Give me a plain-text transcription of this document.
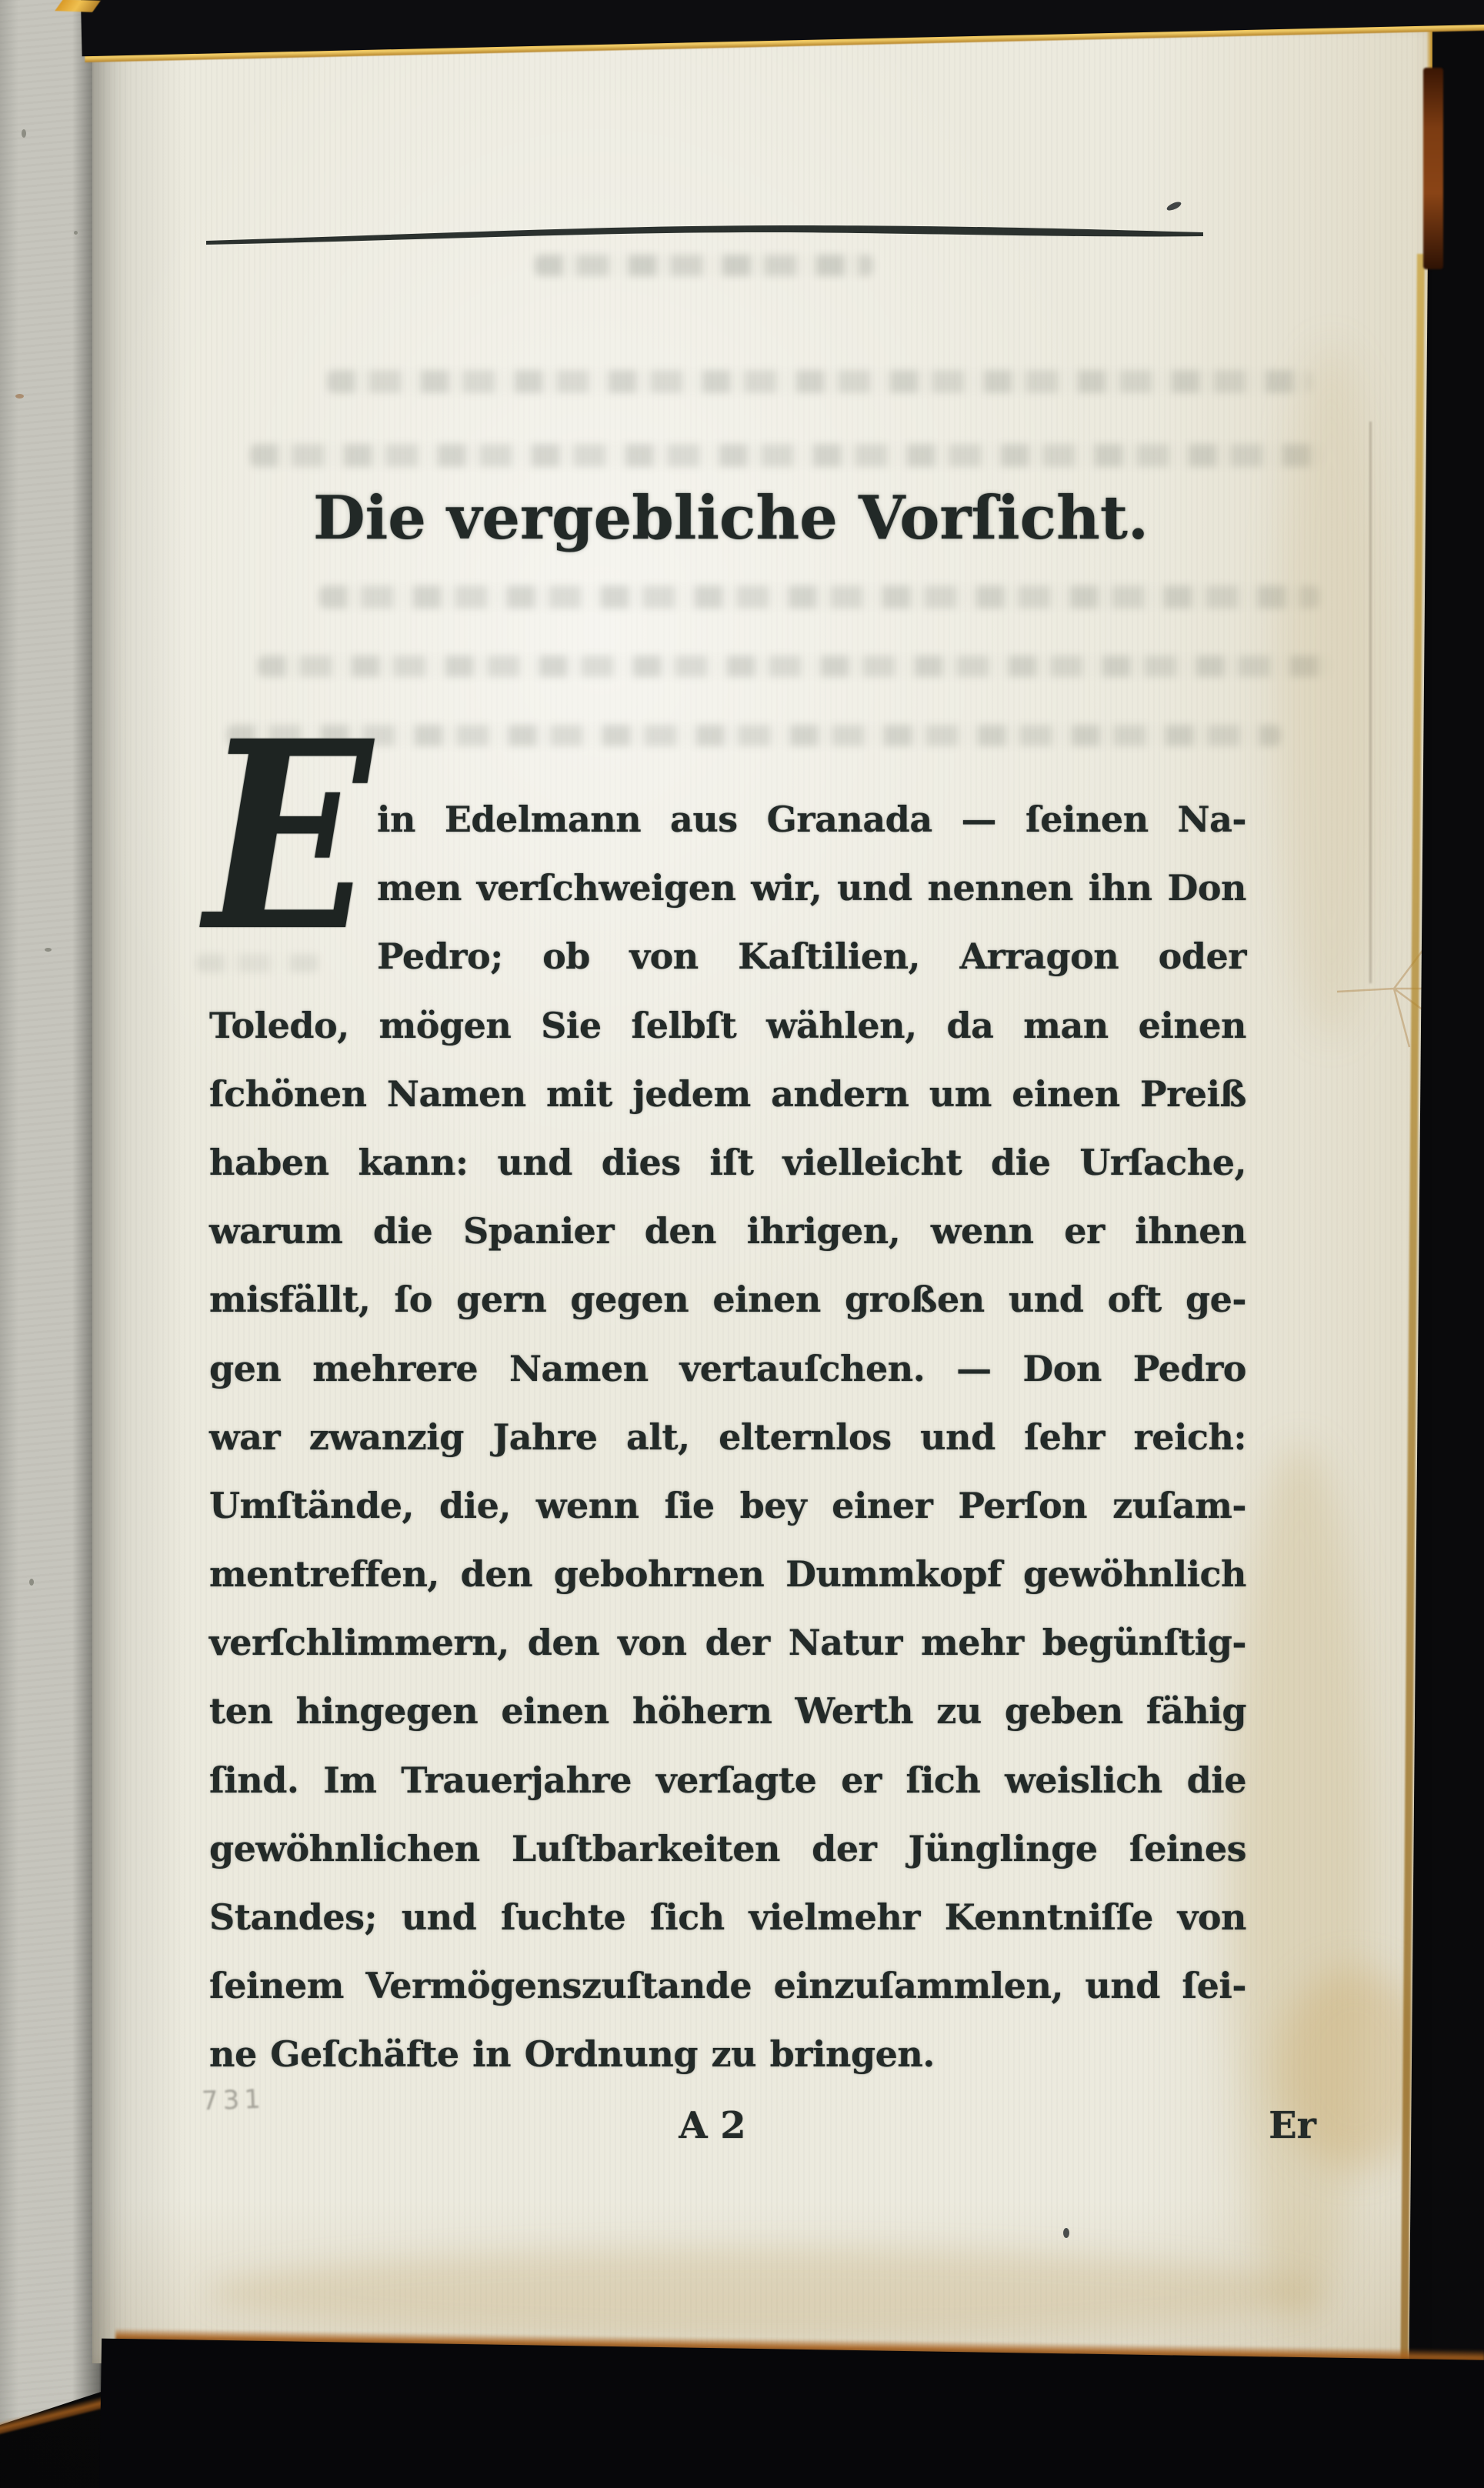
Die vergebliche Vorſicht.
E in Edelmann aus Granada — ſeinen Na-
men verſchweigen wir, und nennen ihn Don
Pedro; ob von Kaſtilien, Arragon oder
Toledo, mögen Sie ſelbſt wählen, da man einen
ſchönen Namen mit jedem andern um einen Preiß
haben kann: und dies iſt vielleicht die Urſache,
warum die Spanier den ihrigen, wenn er ihnen
misfällt, ſo gern gegen einen großen und oft ge-
gen mehrere Namen vertauſchen. — Don Pedro
war zwanzig Jahre alt, elternlos und ſehr reich:
Umſtände, die, wenn ſie bey einer Perſon zuſam-
mentreffen, den gebohrnen Dummkopf gewöhnlich
verſchlimmern, den von der Natur mehr begünſtig-
ten hingegen einen höhern Werth zu geben fähig
ſind. Im Trauerjahre verſagte er ſich weislich die
gewöhnlichen Luſtbarkeiten der Jünglinge ſeines
Standes; und ſuchte ſich vielmehr Kenntniſſe von
ſeinem Vermögenszuſtande einzuſammlen, und ſei-
ne Geſchäfte in Ordnung zu bringen.
A 2	Er
731
